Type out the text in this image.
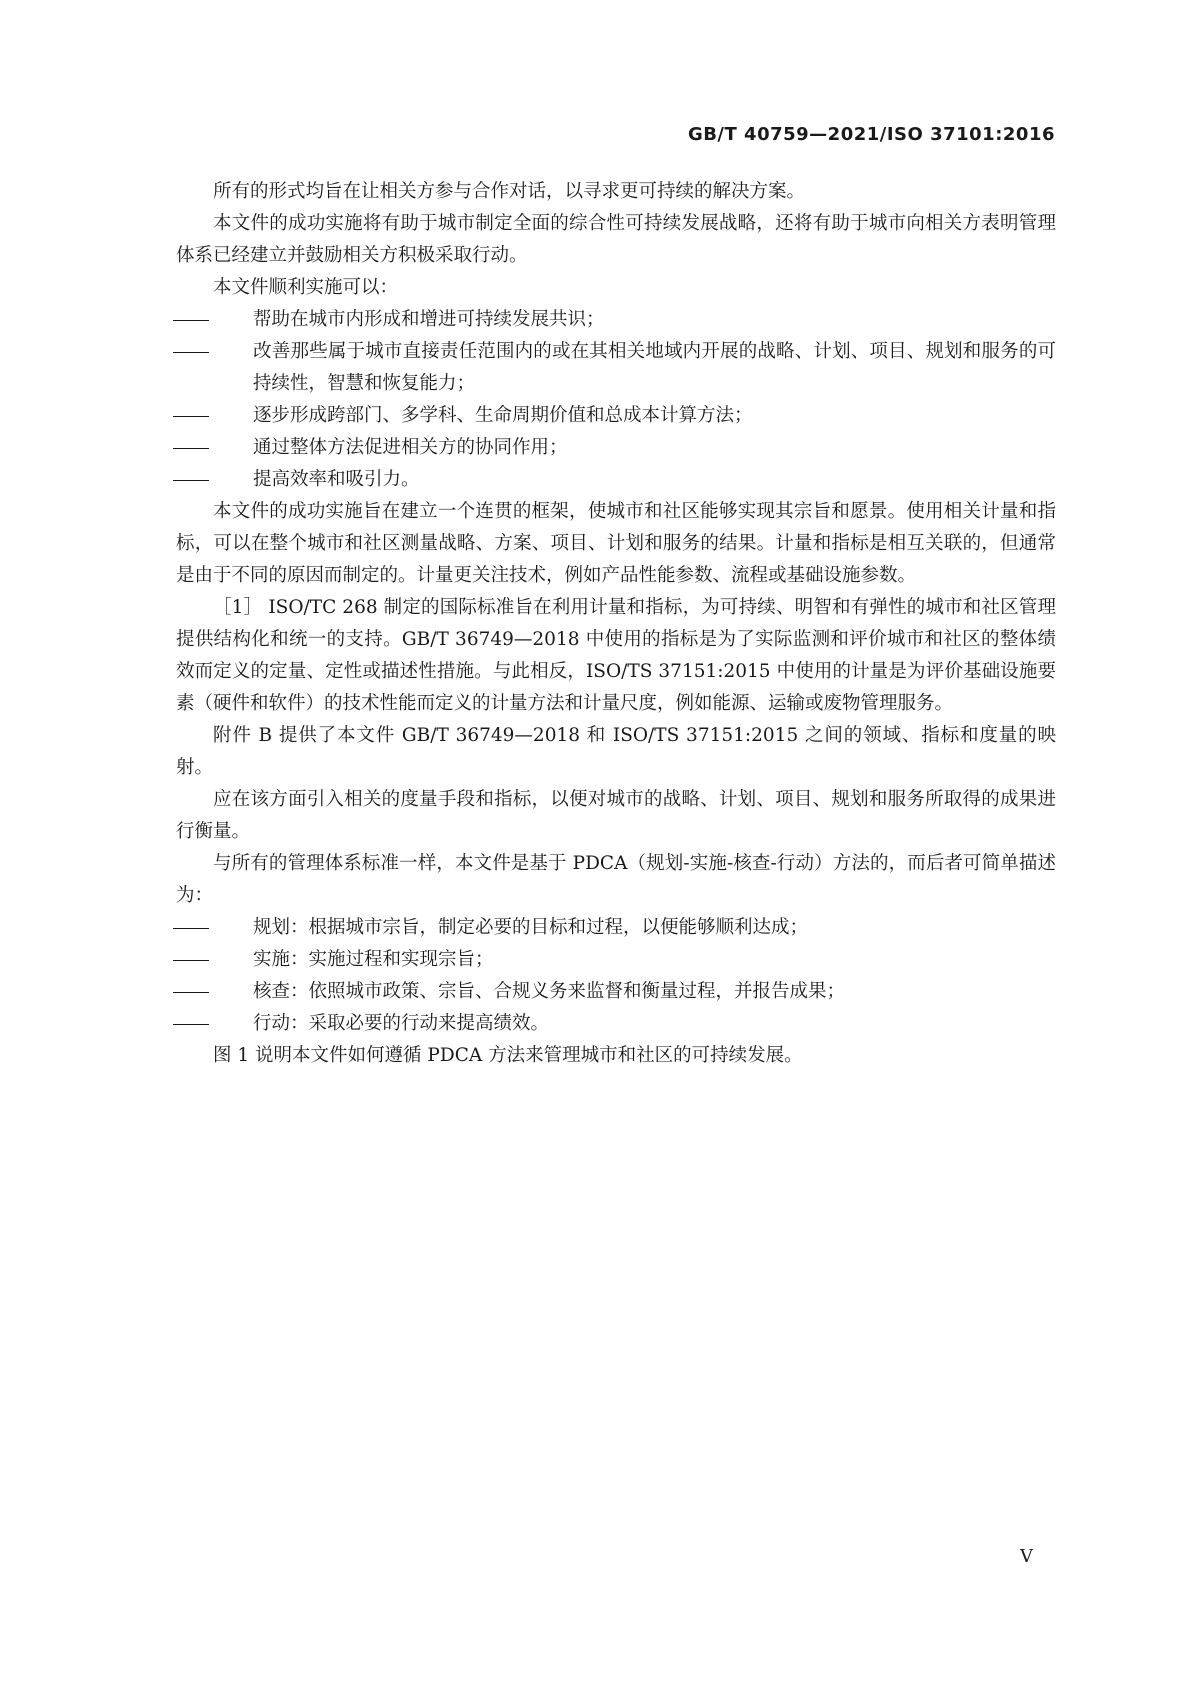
GB/T 40759—2021/ISO 37101:2016

所有的形式均旨在让相关方参与合作对话，以寻求更可持续的解决方案。

本文件的成功实施将有助于城市制定全面的综合性可持续发展战略，还将有助于城市向相关方表明管理体系已经建立并鼓励相关方积极采取行动。

本文件顺利实施可以：

帮助在城市内形成和增进可持续发展共识；

改善那些属于城市直接责任范围内的或在其相关地域内开展的战略、计划、项目、规划和服务的可持续性，智慧和恢复能力；

逐步形成跨部门、多学科、生命周期价值和总成本计算方法；

通过整体方法促进相关方的协同作用；

提高效率和吸引力。

本文件的成功实施旨在建立一个连贯的框架，使城市和社区能够实现其宗旨和愿景。使用相关计量和指标，可以在整个城市和社区测量战略、方案、项目、计划和服务的结果。计量和指标是相互关联的，但通常是由于不同的原因而制定的。计量更关注技术，例如产品性能参数、流程或基础设施参数。

［1］ ISO/TC 268 制定的国际标准旨在利用计量和指标，为可持续、明智和有弹性的城市和社区管理提供结构化和统一的支持。GB/T 36749—2018 中使用的指标是为了实际监测和评价城市和社区的整体绩效而定义的定量、定性或描述性措施。与此相反，ISO/TS 37151:2015 中使用的计量是为评价基础设施要素（硬件和软件）的技术性能而定义的计量方法和计量尺度，例如能源、运输或废物管理服务。

附件 B 提供了本文件 GB/T 36749—2018 和 ISO/TS 37151:2015 之间的领域、指标和度量的映射。

应在该方面引入相关的度量手段和指标，以便对城市的战略、计划、项目、规划和服务所取得的成果进行衡量。

与所有的管理体系标准一样，本文件是基于 PDCA（规划-实施-核查-行动）方法的，而后者可简单描述为：

规划：根据城市宗旨，制定必要的目标和过程，以便能够顺利达成；

实施：实施过程和实现宗旨；

核查：依照城市政策、宗旨、合规义务来监督和衡量过程，并报告成果；

行动：采取必要的行动来提高绩效。

图 1 说明本文件如何遵循 PDCA 方法来管理城市和社区的可持续发展。

V
